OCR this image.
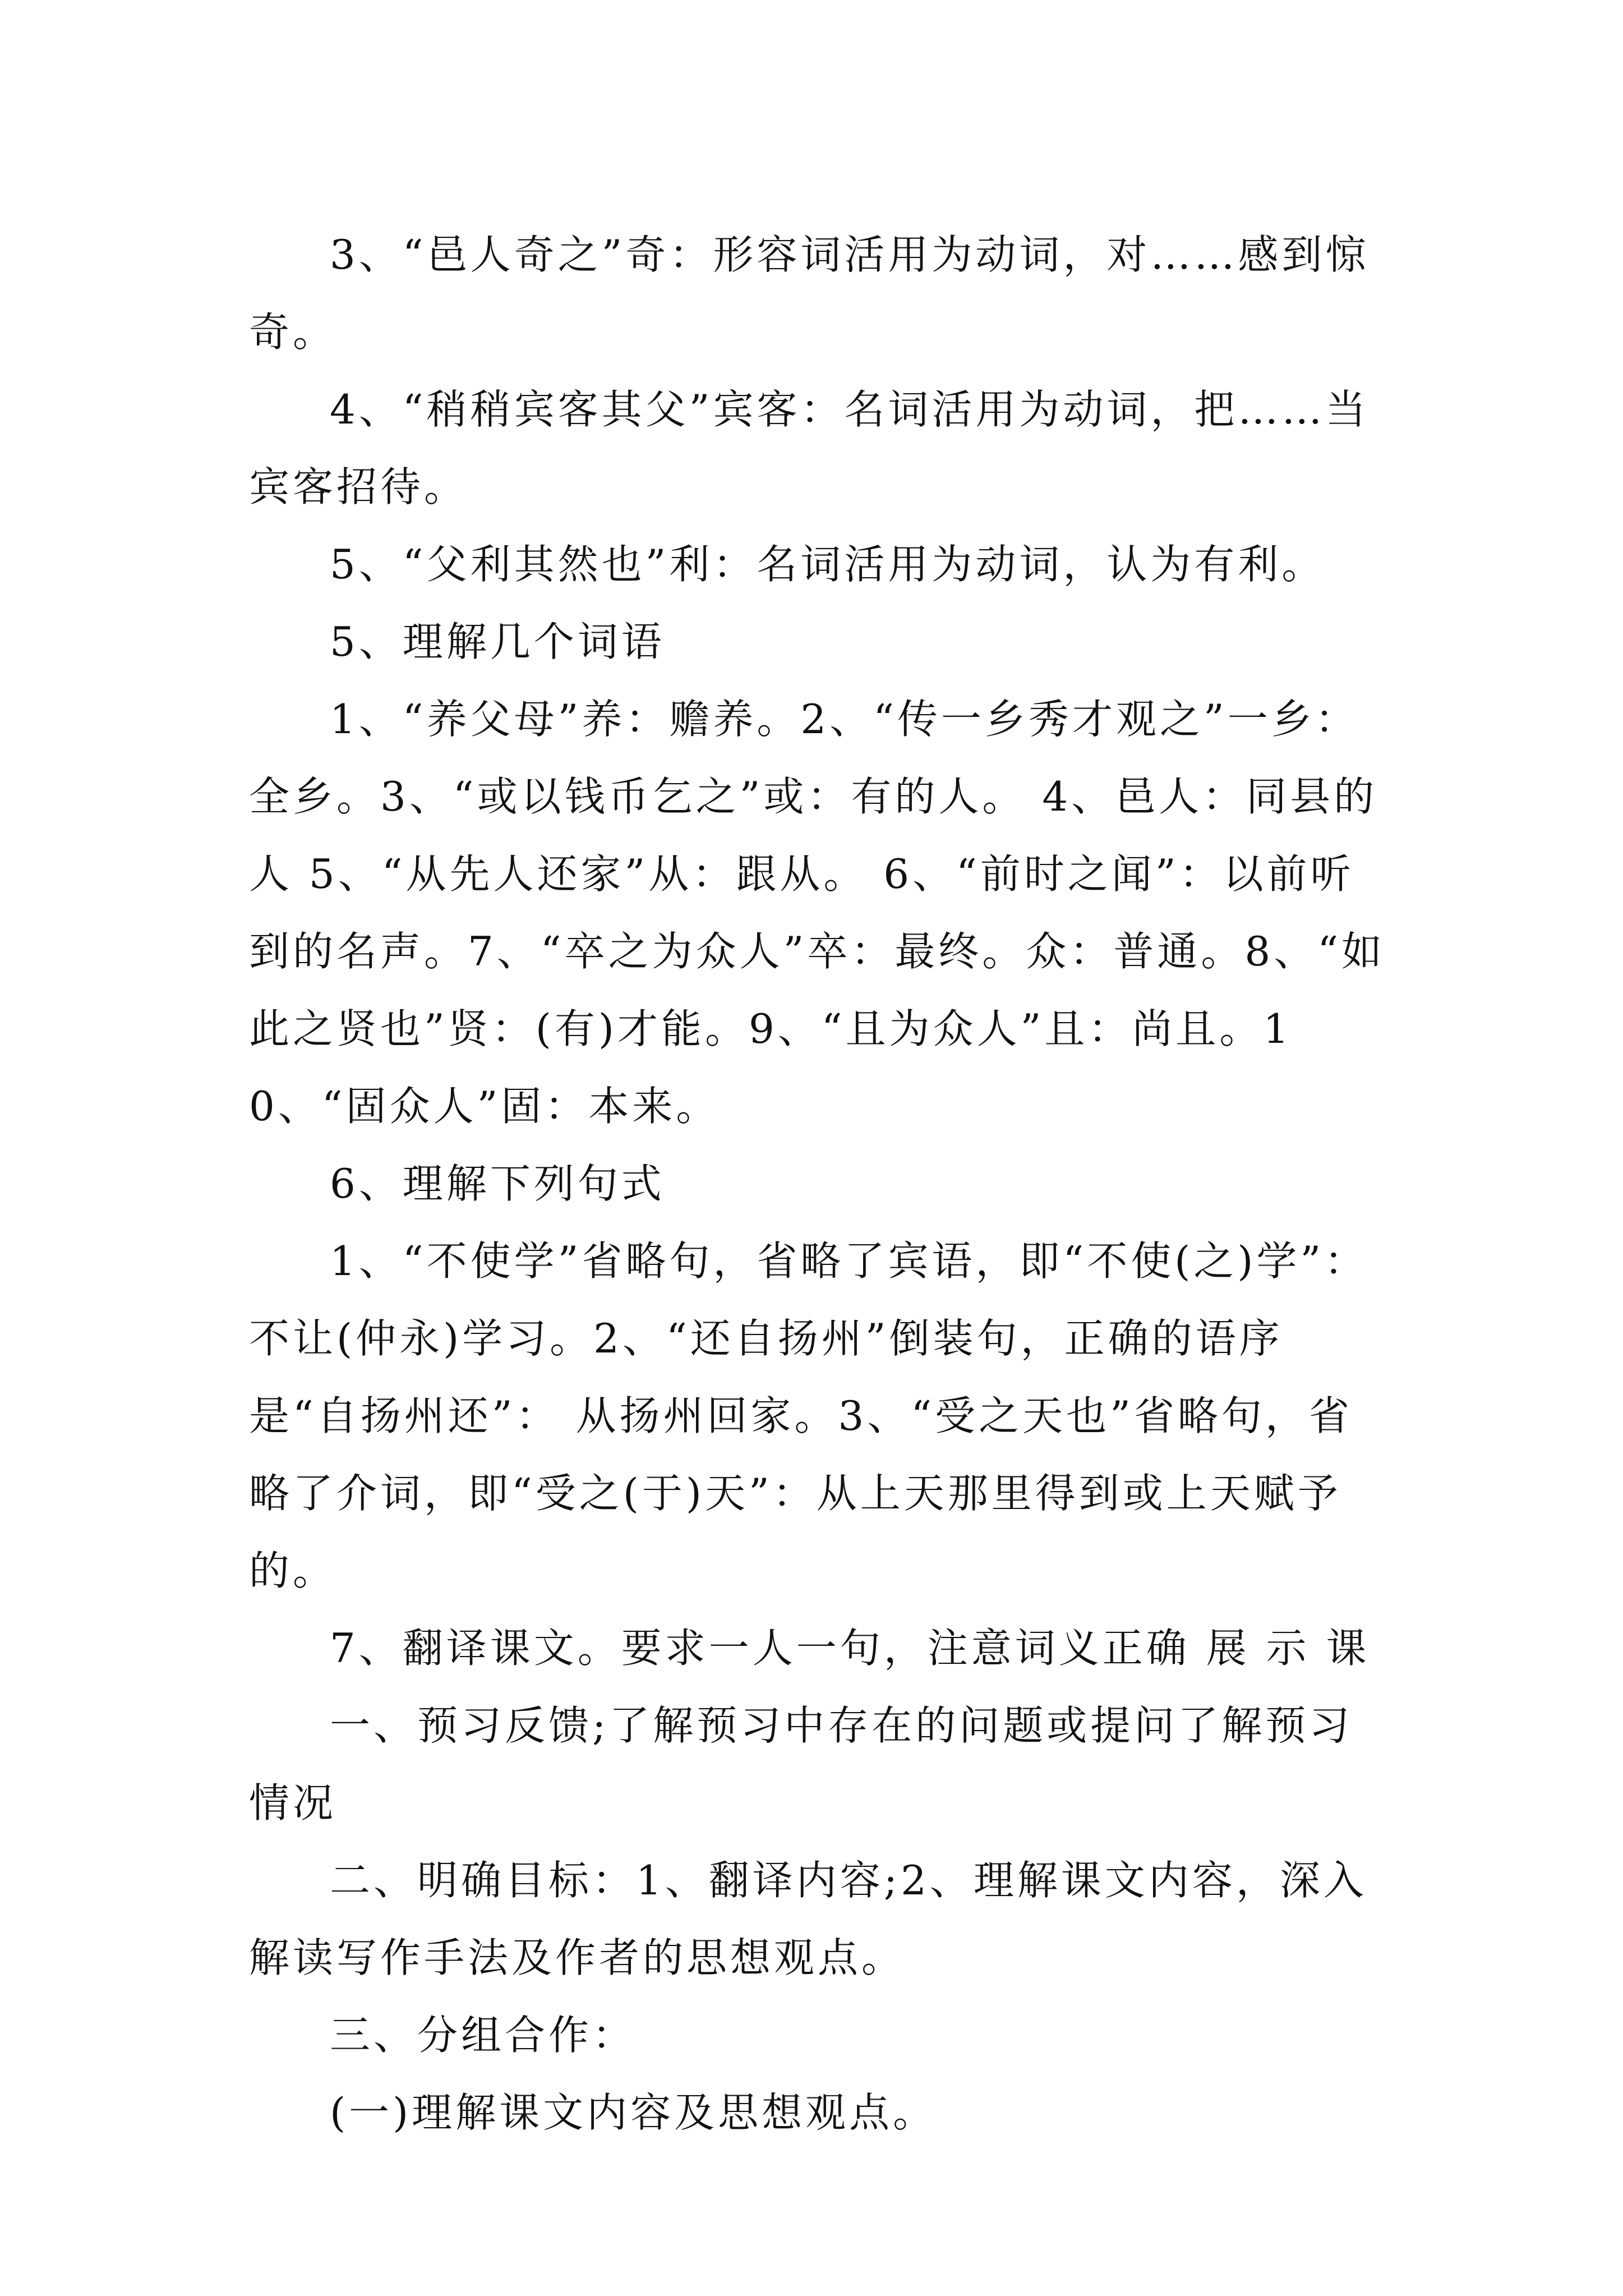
3、“邑人奇之”奇：形容词活用为动词，对……感到惊奇。

4、“稍稍宾客其父”宾客：名词活用为动词，把……当宾客招待。

5、“父利其然也”利：名词活用为动词，认为有利。

5、理解几个词语

1、“养父母”养：赡养。2、“传一乡秀才观之”一乡：全乡。3、“或以钱币乞之”或：有的人。 4、邑人：同县的人 5、“从先人还家”从：跟从。 6、“前时之闻”：以前听到的名声。7、“卒之为众人”卒：最终。众：普通。8、“如此之贤也”贤：(有)才能。9、“且为众人”且：尚且。10、“固众人”固：本来。

6、理解下列句式

1、“不使学”省略句，省略了宾语，即“不使(之)学”：不让(仲永)学习。2、“还自扬州”倒装句，正确的语序是“自扬州还”： 从扬州回家。3、“受之天也”省略句，省略了介词，即“受之(于)天”：从上天那里得到或上天赋予的。

7、翻译课文。要求一人一句，注意词义正确 展 示 课

一、预习反馈;了解预习中存在的问题或提问了解预习情况

二、明确目标：1、翻译内容;2、理解课文内容，深入解读写作手法及作者的思想观点。

三、分组合作：

(一)理解课文内容及思想观点。
